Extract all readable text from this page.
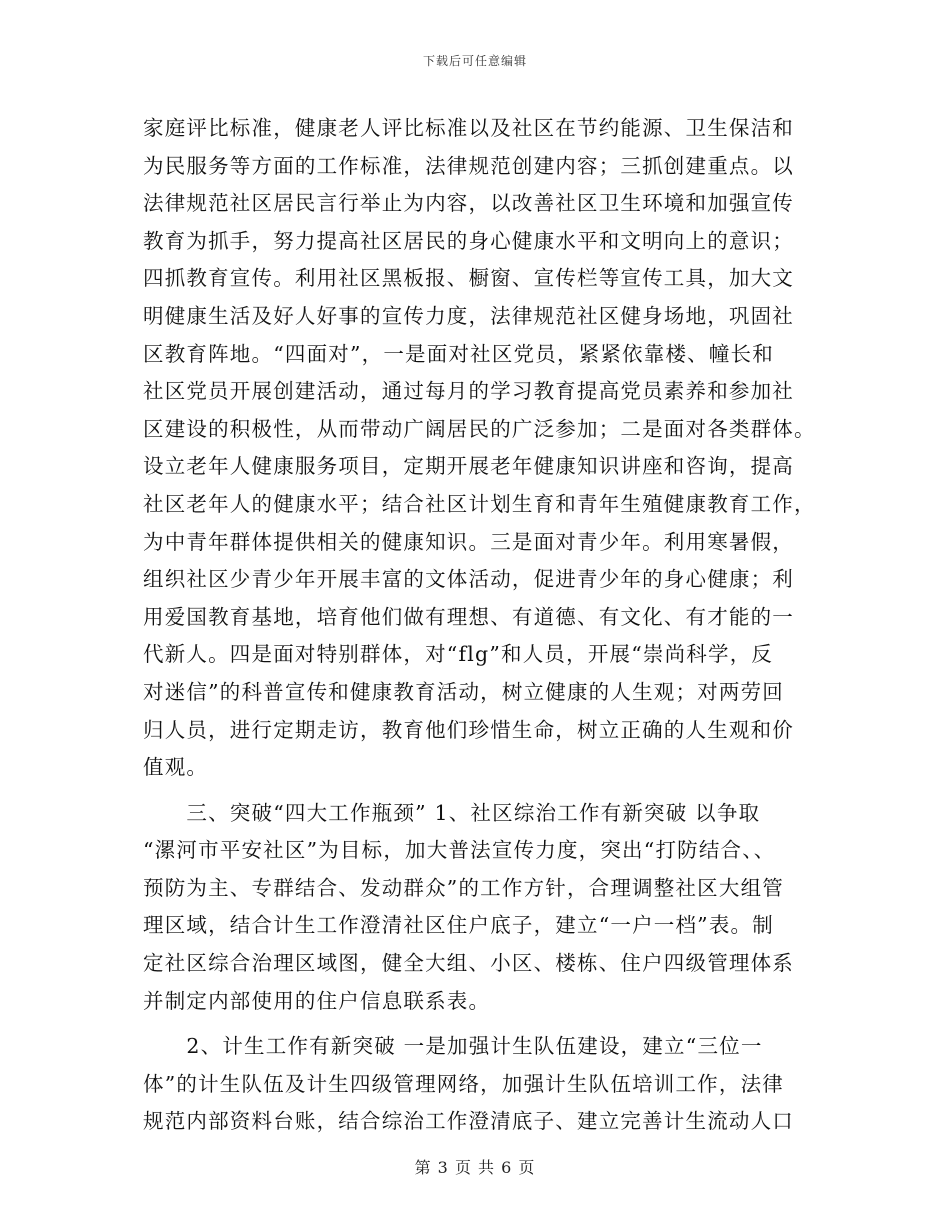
下载后可任意编辑
家庭评比标准，健康老人评比标准以及社区在节约能源、卫生保洁和
为民服务等方面的工作标准，法律规范创建内容；三抓创建重点。以
法律规范社区居民言行举止为内容，以改善社区卫生环境和加强宣传
教育为抓手，努力提高社区居民的身心健康水平和文明向上的意识；
四抓教育宣传。利用社区黑板报、橱窗、宣传栏等宣传工具，加大文
明健康生活及好人好事的宣传力度，法律规范社区健身场地，巩固社
区教育阵地。“四面对”，一是面对社区党员，紧紧依靠楼、幢长和
社区党员开展创建活动，通过每月的学习教育提高党员素养和参加社
区建设的积极性，从而带动广阔居民的广泛参加；二是面对各类群体。
设立老年人健康服务项目，定期开展老年健康知识讲座和咨询，提高
社区老年人的健康水平；结合社区计划生育和青年生殖健康教育工作，
为中青年群体提供相关的健康知识。三是面对青少年。利用寒暑假，
组织社区少青少年开展丰富的文体活动，促进青少年的身心健康；利
用爱国教育基地，培育他们做有理想、有道德、有文化、有才能的一
代新人。四是面对特别群体，对“flg”和人员，开展“崇尚科学，反
对迷信”的科普宣传和健康教育活动，树立健康的人生观；对两劳回
归人员，进行定期走访，教育他们珍惜生命，树立正确的人生观和价
值观。
　　三、突破“四大工作瓶颈” 1、社区综治工作有新突破 以争取
“漯河市平安社区”为目标，加大普法宣传力度，突出“打防结合、、
预防为主、专群结合、发动群众”的工作方针，合理调整社区大组管
理区域，结合计生工作澄清社区住户底子，建立“一户一档”表。制
定社区综合治理区域图，健全大组、小区、楼栋、住户四级管理体系
并制定内部使用的住户信息联系表。
　　2、计生工作有新突破 一是加强计生队伍建设，建立“三位一
体”的计生队伍及计生四级管理网络，加强计生队伍培训工作，法律
规范内部资料台账，结合综治工作澄清底子、建立完善计生流动人口
第 3 页 共 6 页
